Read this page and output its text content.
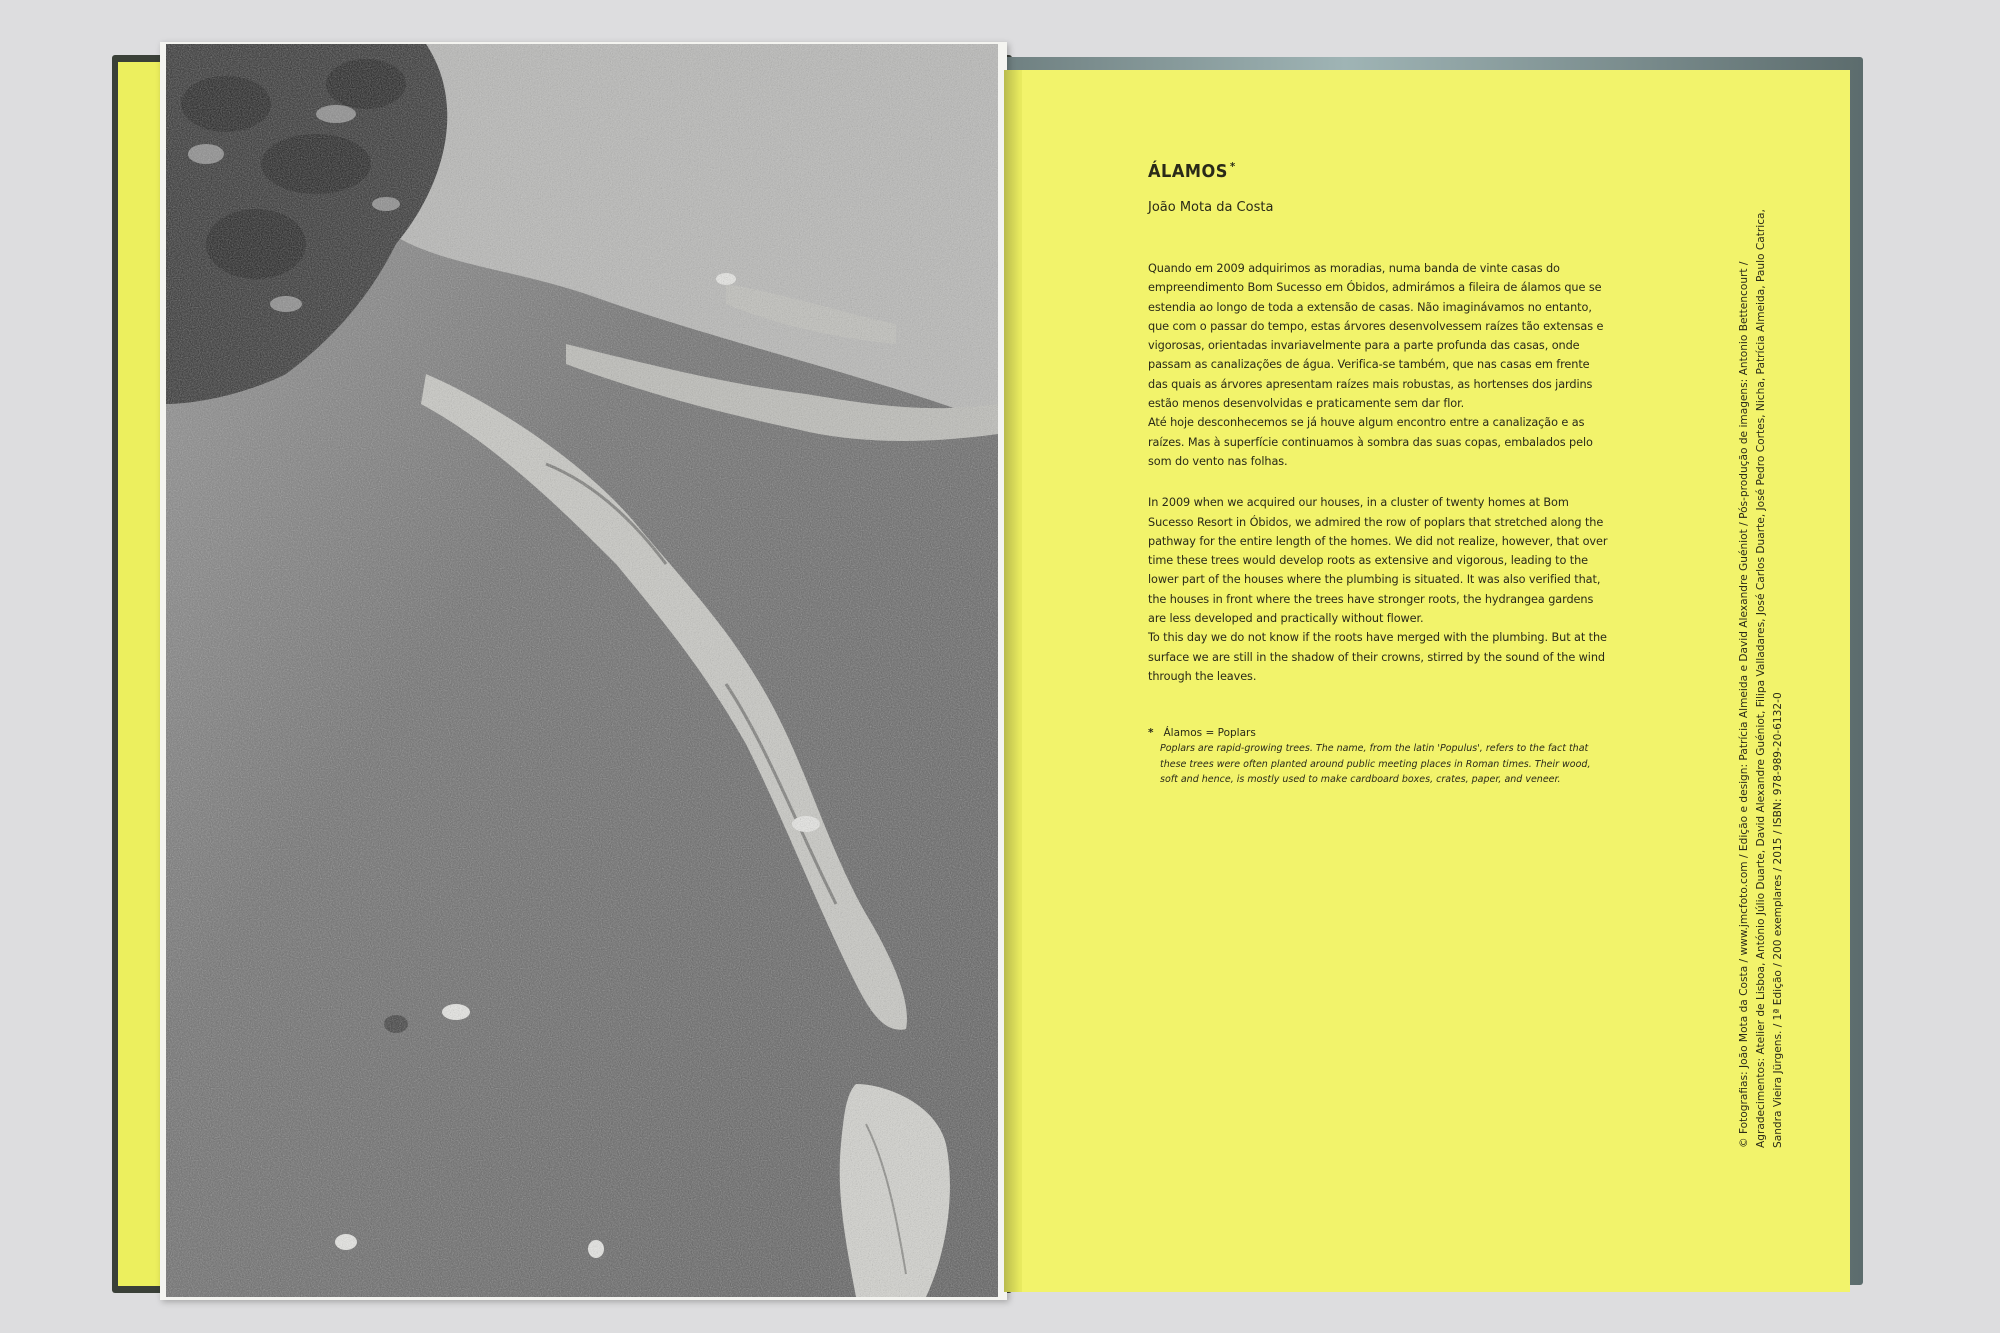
ÁLAMOS *

João Mota da Costa

Quando em 2009 adquirimos as moradias, numa banda de vinte casas do empreendimento Bom Sucesso em Óbidos, admirámos a fileira de álamos que se estendia ao longo de toda a extensão de casas. Não imaginávamos no entanto, que com o passar do tempo, estas árvores desenvolvessem raízes tão extensas e vigorosas, orientadas invariavelmente para a parte profunda das casas, onde passam as canalizações de água. Verifica-se também, que nas casas em frente das quais as árvores apresentam raízes mais robustas, as hortenses dos jardins estão menos desenvolvidas e praticamente sem dar flor.

Até hoje desconhecemos se já houve algum encontro entre a canalização e as raízes. Mas à superfície continuamos à sombra das suas copas, embalados pelo som do vento nas folhas.

In 2009 when we acquired our houses, in a cluster of twenty homes at Bom Sucesso Resort in Óbidos, we admired the row of poplars that stretched along the pathway for the entire length of the homes. We did not realize, however, that over time these trees would develop roots as extensive and vigorous, leading to the lower part of the houses where the plumbing is situated. It was also verified that, the houses in front where the trees have stronger roots, the hydrangea gardens are less developed and practically without flower.

To this day we do not know if the roots have merged with the plumbing. But at the surface we are still in the shadow of their crowns, stirred by the sound of the wind through the leaves.

* Álamos = Poplars
Poplars are rapid-growing trees. The name, from the latin 'Populus', refers to the fact that these trees were often planted around public meeting places in Roman times. Their wood, soft and hence, is mostly used to make cardboard boxes, crates, paper, and veneer.	© Fotografias: João Mota da Costa / www.jmcfoto.com / Edição e design: Patrícia Almeida e David Alexandre Guéniot / Pós-produção de imagens: Antonio Bettencourt / Agradecimentos: Atelier de Lisboa, António Júlio Duarte, David Alexandre Guéniot, Filipa Valladares, José Carlos Duarte, José Pedro Cortes, Nicha, Patrícia Almeida, Paulo Catrica, Sandra Vieira Jürgens. / 1ª Edição / 200 exemplares / 2015 / ISBN: 978-989-20-6132-0
